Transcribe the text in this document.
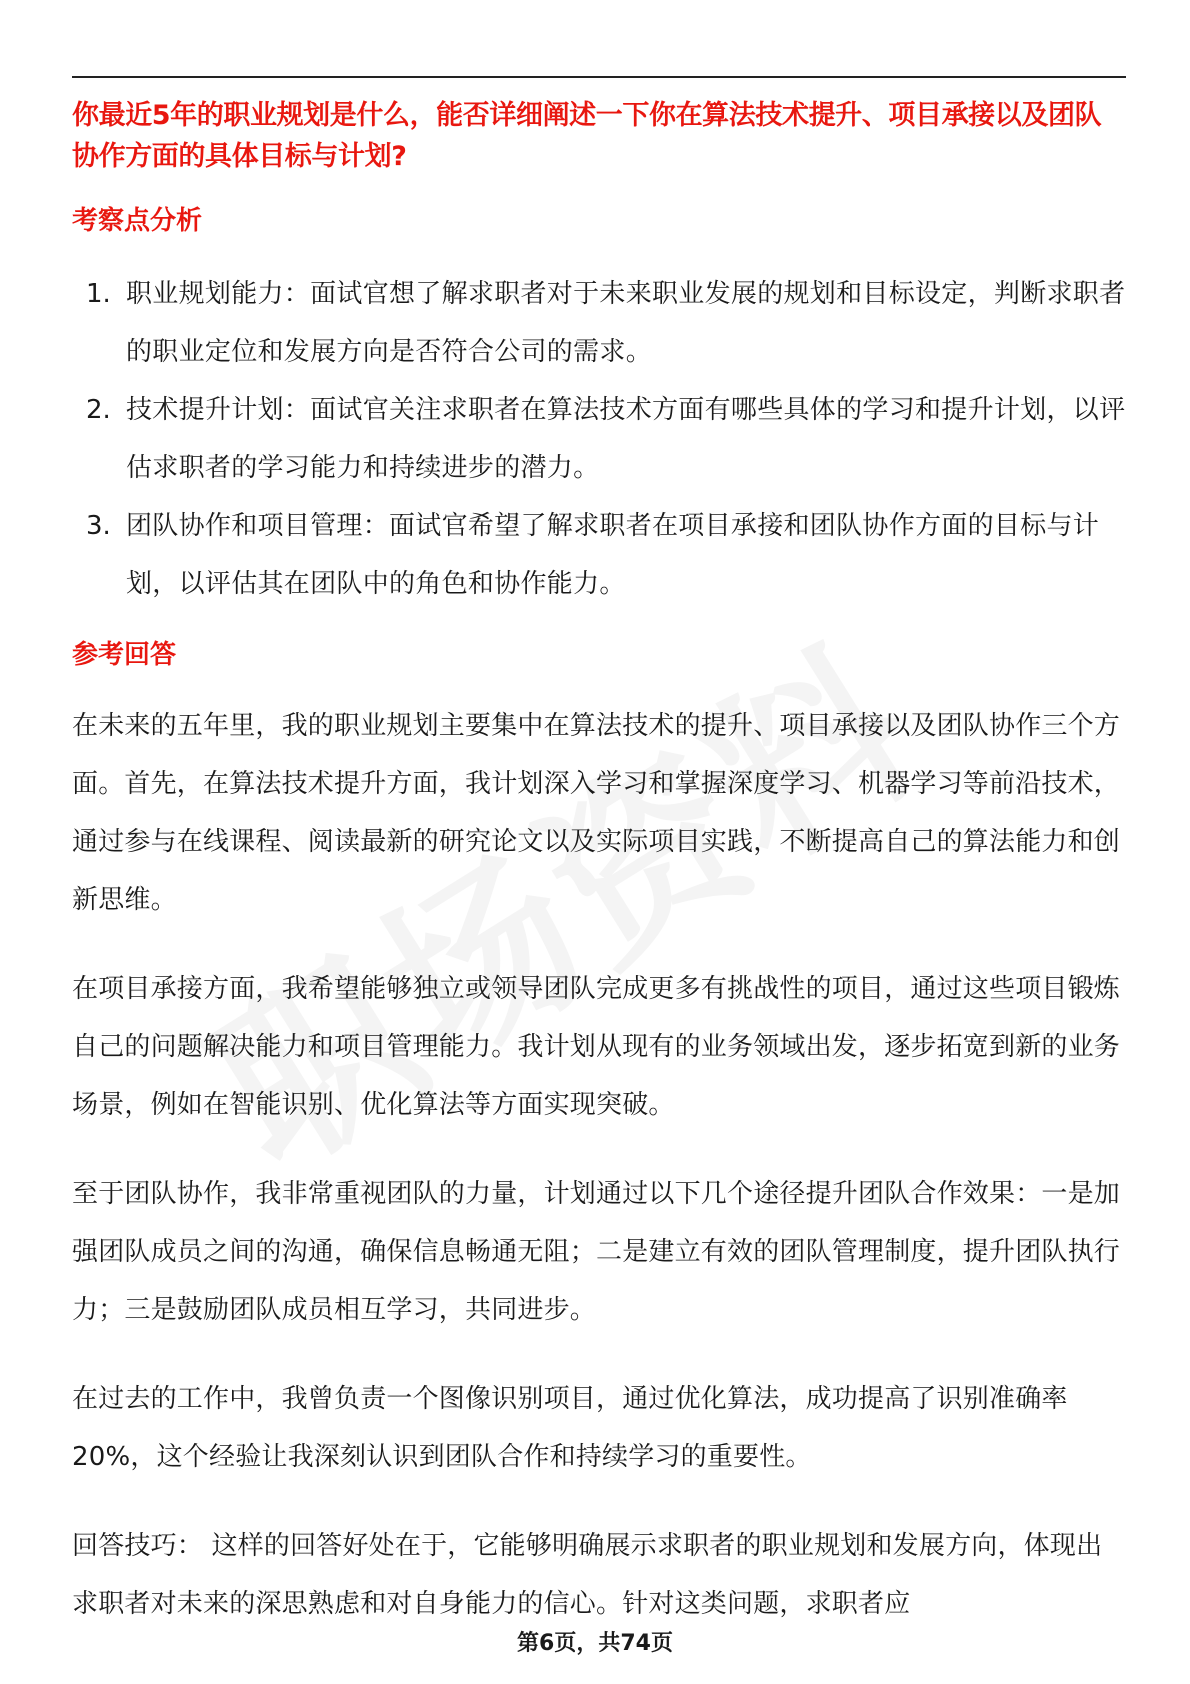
你最近5年的职业规划是什么，能否详细阐述一下你在算法技术提升、项目承接以及团队协作方面的具体目标与计划?
考察点分析
1. 职业规划能力：面试官想了解求职者对于未来职业发展的规划和目标设定，判断求职者的职业定位和发展方向是否符合公司的需求。
2. 技术提升计划：面试官关注求职者在算法技术方面有哪些具体的学习和提升计划，以评估求职者的学习能力和持续进步的潜力。
3. 团队协作和项目管理：面试官希望了解求职者在项目承接和团队协作方面的目标与计划，以评估其在团队中的角色和协作能力。
参考回答

在未来的五年里，我的职业规划主要集中在算法技术的提升、项目承接以及团队协作三个方面。首先，在算法技术提升方面，我计划深入学习和掌握深度学习、机器学习等前沿技术，通过参与在线课程、阅读最新的研究论文以及实际项目实践，不断提高自己的算法能力和创新思维。

在项目承接方面，我希望能够独立或领导团队完成更多有挑战性的项目，通过这些项目锻炼自己的问题解决能力和项目管理能力。我计划从现有的业务领域出发，逐步拓宽到新的业务场景，例如在智能识别、优化算法等方面实现突破。

至于团队协作，我非常重视团队的力量，计划通过以下几个途径提升团队合作效果：一是加强团队成员之间的沟通，确保信息畅通无阻；二是建立有效的团队管理制度，提升团队执行力；三是鼓励团队成员相互学习，共同进步。

在过去的工作中，我曾负责一个图像识别项目，通过优化算法，成功提高了识别准确率20%，这个经验让我深刻认识到团队合作和持续学习的重要性。

回答技巧： 这样的回答好处在于，它能够明确展示求职者的职业规划和发展方向，体现出求职者对未来的深思熟虑和对自身能力的信心。针对这类问题，求职者应

第6页，共74页
